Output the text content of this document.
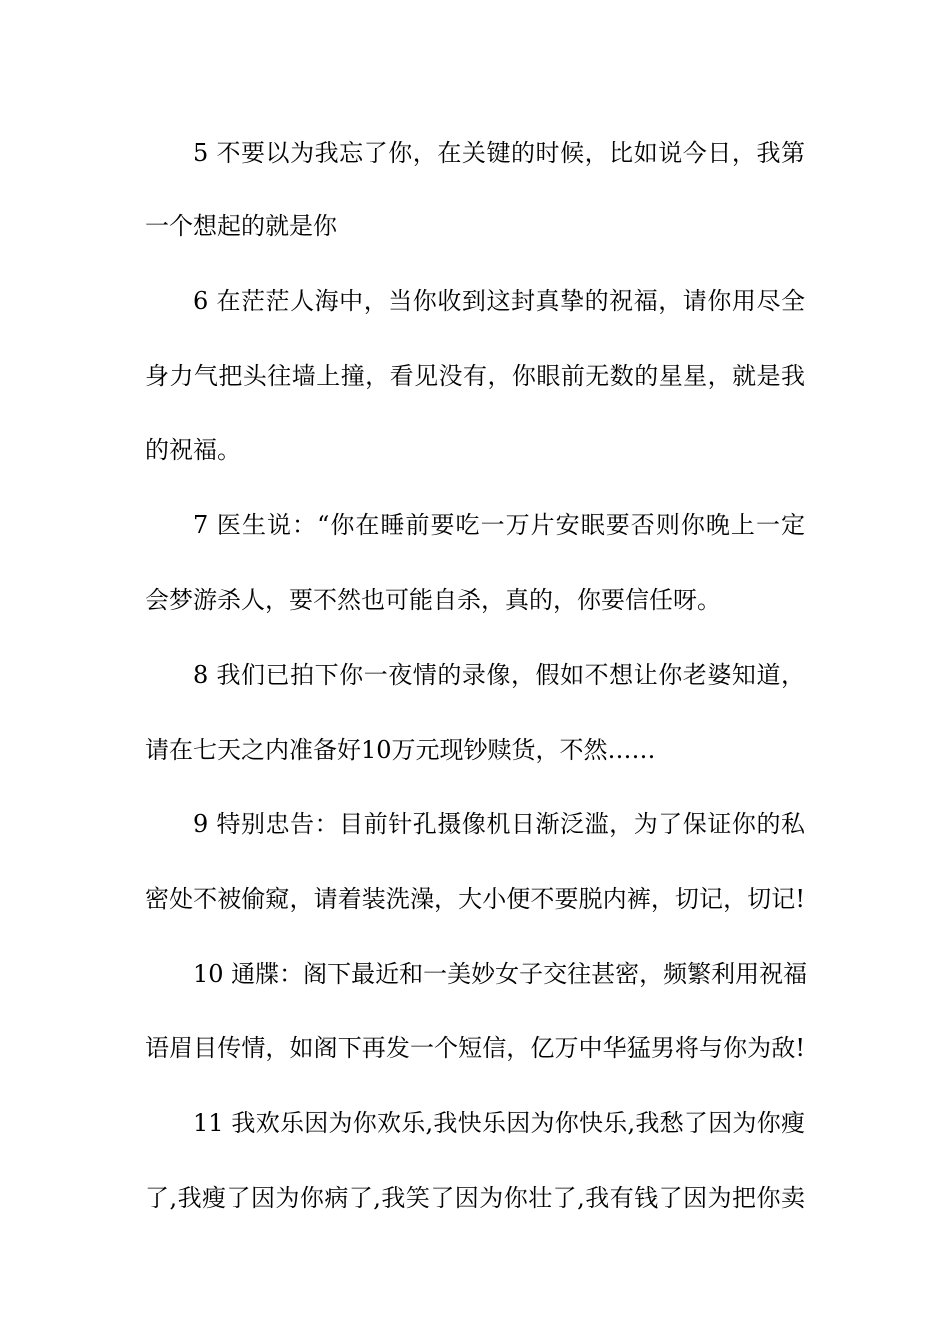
5 不要以为我忘了你，在关键的时候，比如说今日，我第
一个想起的就是你
6 在茫茫人海中，当你收到这封真挚的祝福，请你用尽全
身力气把头往墙上撞，看见没有，你眼前无数的星星，就是我
的祝福。
7 医生说：“你在睡前要吃一万片安眠要否则你晚上一定
会梦游杀人，要不然也可能自杀，真的，你要信任呀。
8 我们已拍下你一夜情的录像，假如不想让你老婆知道，
请在七天之内准备好10万元现钞赎货，不然……
9 特别忠告：目前针孔摄像机日渐泛滥，为了保证你的私
密处不被偷窥，请着装洗澡，大小便不要脱内裤，切记，切记!
10 通牒：阁下最近和一美妙女子交往甚密，频繁利用祝福
语眉目传情，如阁下再发一个短信，亿万中华猛男将与你为敌!
11 我欢乐因为你欢乐,我快乐因为你快乐,我愁了因为你瘦
了,我瘦了因为你病了,我笑了因为你壮了,我有钱了因为把你卖
